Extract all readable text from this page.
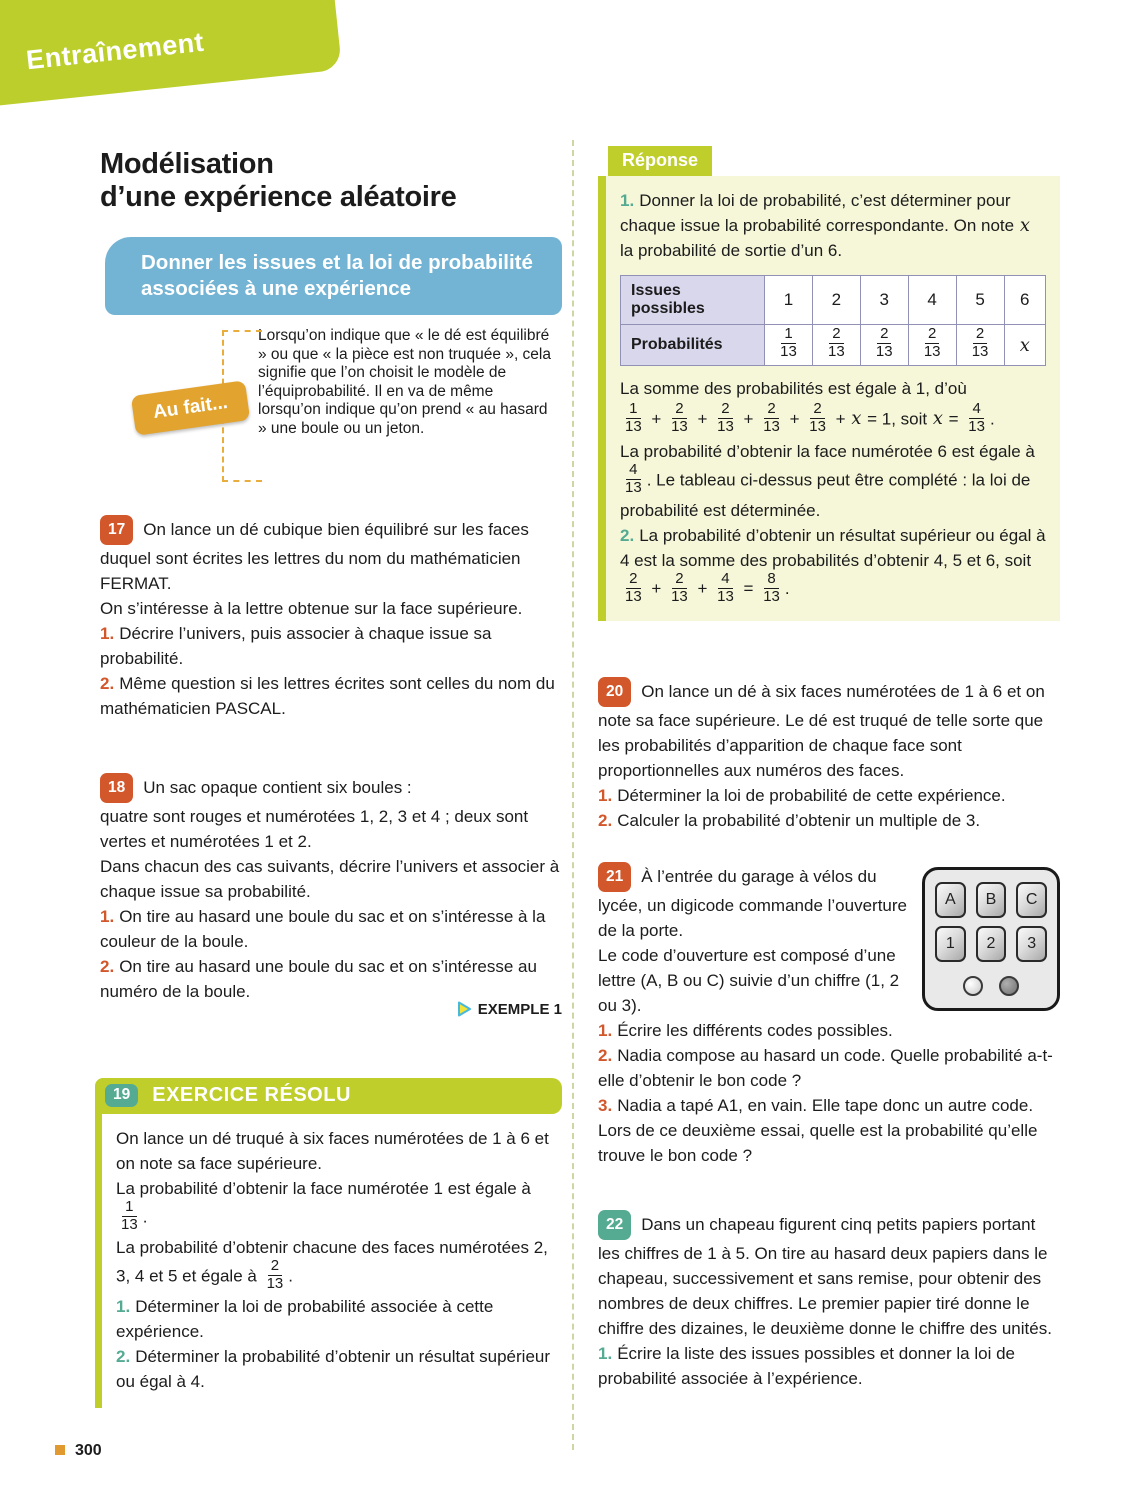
Entraînement
Modélisation
d’une expérience aléatoire
Donner les issues et la loi de probabilité
associées à une expérience
Au fait...
Lorsqu’on indique que « le dé est équilibré » ou que « la pièce est non truquée », cela signifie que l’on choisit le modèle de l’équiprobabilité. Il en va de même lorsqu’on indique qu’on prend « au hasard » une boule ou un jeton.

17 On lance un dé cubique bien équilibré sur les faces duquel sont écrites les lettres du nom du mathématicien FERMAT.

On s’intéresse à la lettre obtenue sur la face supérieure.

1. Décrire l’univers, puis associer à chaque issue sa probabilité.

2. Même question si les lettres écrites sont celles du nom du mathématicien PASCAL.

18 Un sac opaque contient six boules :

quatre sont rouges et numérotées 1, 2, 3 et 4 ; deux sont vertes et numérotées 1 et 2.

Dans chacun des cas suivants, décrire l’univers et associer à chaque issue sa probabilité.

1. On tire au hasard une boule du sac et on s’intéresse à la couleur de la boule.

2. On tire au hasard une boule du sac et on s’intéresse au numéro de la boule.

EXEMPLE 1
19	EXERCICE RÉSOLU

On lance un dé truqué à six faces numérotées de 1 à 6 et on note sa face supérieure.

La probabilité d’obtenir la face numérotée 1 est égale à
$\frac{1}{13}$ .

La probabilité d’obtenir chacune des faces numérotées 2, 3, 4 et 5 et égale à $\frac{2}{13}$ .

1. Déterminer la loi de probabilité associée à cette expérience.

2. Déterminer la probabilité d’obtenir un résultat supérieur ou égal à 4.

Réponse

1. Donner la loi de probabilité, c’est déterminer pour chaque issue la probabilité correspondante. On note x la probabilité de sortie d’un 6.

Issues possibles	1	2	3	4	5	6
Probabilités	$\frac{1}{13}$	$\frac{2}{13}$	$\frac{2}{13}$	$\frac{2}{13}$	$\frac{2}{13}$	x

La somme des probabilités est égale à 1, d’où

$\frac{1}{13} + \frac{2}{13} + \frac{2}{13} + \frac{2}{13} + \frac{2}{13} + x = 1$, soit $x = \frac{4}{13}$ .

La probabilité d’obtenir la face numérotée 6 est égale à
$\frac{4}{13}$ . Le tableau ci-dessus peut être complété : la loi de probabilité est déterminée.

2. La probabilité d’obtenir un résultat supérieur ou égal à 4 est la somme des probabilités d’obtenir 4, 5 et 6, soit
$\frac{2}{13} + \frac{2}{13} + \frac{4}{13} = \frac{8}{13}$ .

20 On lance un dé à six faces numérotées de 1 à 6 et on note sa face supérieure. Le dé est truqué de telle sorte que les probabilités d’apparition de chaque face sont proportionnelles aux numéros des faces.

1. Déterminer la loi de probabilité de cette expérience.

2. Calculer la probabilité d’obtenir un multiple de 3.

A	B	C
1	2	3

21 À l’entrée du garage à vélos du lycée, un digicode commande l’ouverture de la porte.

Le code d’ouverture est composé d’une lettre (A, B ou C) suivie d’un chiffre (1, 2 ou 3).

1. Écrire les différents codes possibles.

2. Nadia compose au hasard un code. Quelle probabilité a-t-elle d’obtenir le bon code ?

3. Nadia a tapé A1, en vain. Elle tape donc un autre code. Lors de ce deuxième essai, quelle est la probabilité qu’elle trouve le bon code ?

22 Dans un chapeau figurent cinq petits papiers portant les chiffres de 1 à 5. On tire au hasard deux papiers dans le chapeau, successivement et sans remise, pour obtenir des nombres de deux chiffres. Le premier papier tiré donne le chiffre des dizaines, le deuxième donne le chiffre des unités.

1. Écrire la liste des issues possibles et donner la loi de probabilité associée à l’expérience.

300
